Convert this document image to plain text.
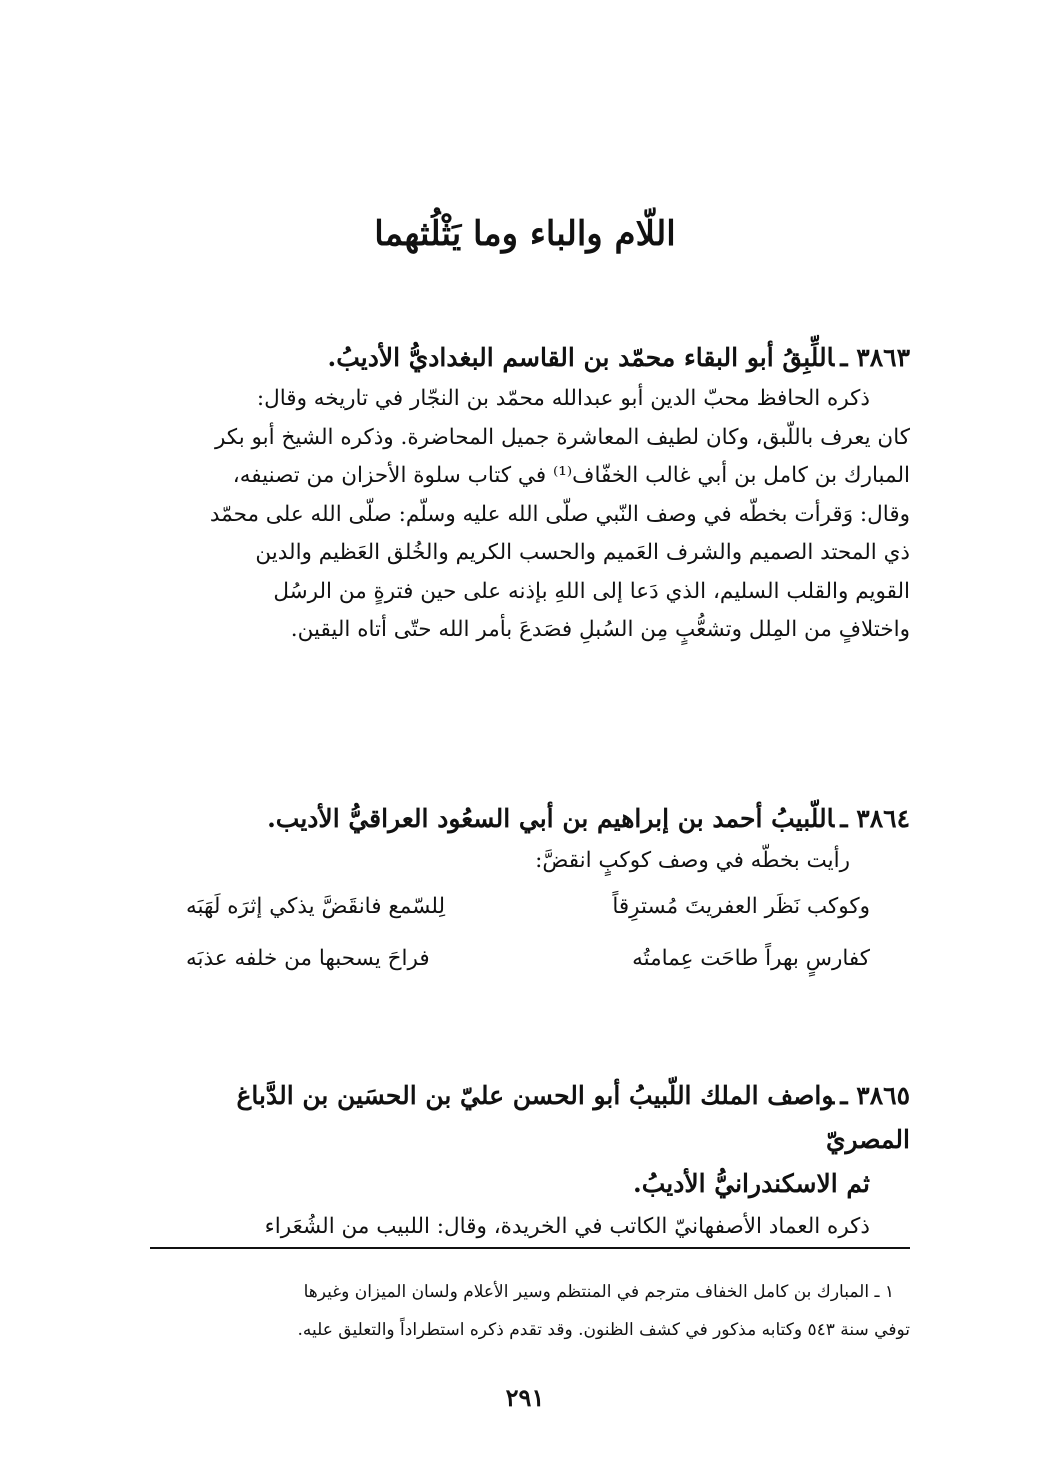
اللّام والباء وما يَثْلُثهما

٣٨٦٣ ـاللِّبِقُ أبو البقاء محمّد بن القاسم البغداديُّ الأديبُ.

ذكره الحافظ محبّ الدين أبو عبدالله محمّد بن النجّار في تاريخه وقال:

كان يعرف باللّبق، وكان لطيف المعاشرة جميل المحاضرة. وذكره الشيخ أبو بكر

المبارك بن كامل بن أبي غالب الخفّاف⁽¹⁾ في كتاب سلوة الأحزان من تصنيفه،

وقال: وَقرأت بخطّه في وصف النّبي صلّى الله عليه وسلّم: صلّى الله على محمّد

ذي المحتد الصميم والشرف العَميم والحسب الكريم والخُلق العَظيم والدين

القويم والقلب السليم، الذي دَعا إلى اللهِ بإذنه على حين فترةٍ من الرسُل

واختلافٍ من المِلل وتشعُّبٍ مِن السُبلِ فصَدعَ بأمر الله حتّى أتاه اليقين.

٣٨٦٤ ـاللّبيبُ أحمد بن إبراهيم بن أبي السعُود العراقيُّ الأديب.

رأيت بخطّه في وصف كوكبٍ انقضَّ:

وكوكب نَظَر العفريتَ مُسترِقاً
لِلسّمع فانقَضَّ يذكي إثرَه لَهَبَه
كفارسٍ بهراً طاحَت عِمامتُه
فراحَ يسحبها من خلفه عذبَه

٣٨٦٥ ـواصف الملك اللّبيبُ أبو الحسن عليّ بن الحسَين بن الدَّباغ المصريّ

ثم الاسكندرانيُّ الأديبُ.

ذكره العماد الأصفهانيّ الكاتب في الخريدة، وقال: اللبيب من الشُعَراء

١ ـ المبارك بن كامل الخفاف مترجم في المنتظم وسير الأعلام ولسان الميزان وغيرها

توفي سنة ٥٤٣ وكتابه مذكور في كشف الظنون. وقد تقدم ذكره استطراداً والتعليق عليه.

٢٩١
